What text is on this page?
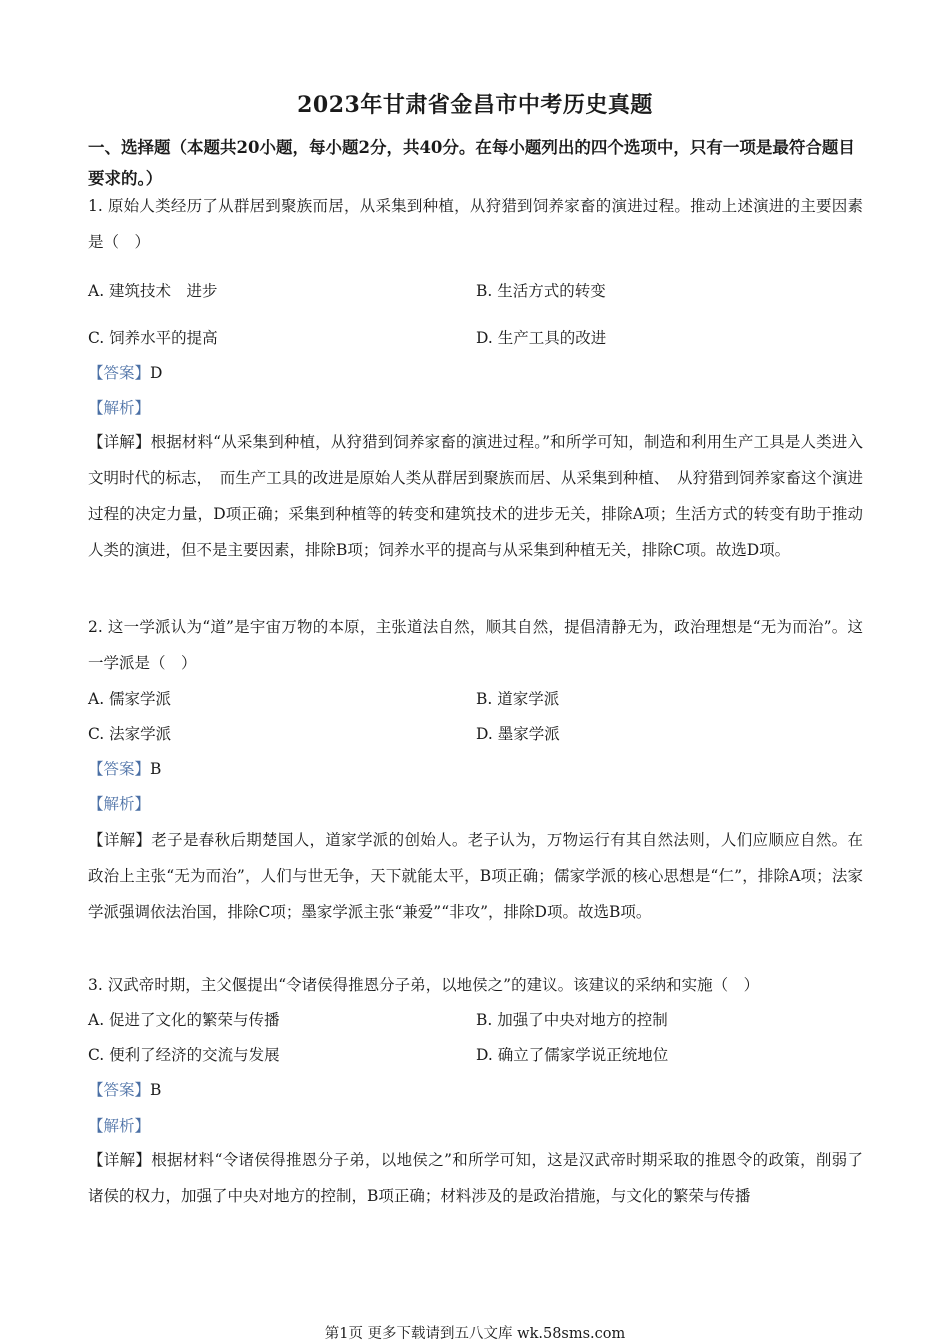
2023年甘肃省金昌市中考历史真题
一、选择题（本题共20小题，每小题2分，共40分。在每小题列出的四个选项中，只有一项是最符合题目要求的。）
1. 原始人类经历了从群居到聚族而居，从采集到种植，从狩猎到饲养家畜的演进过程。推动上述演进的主要因素是（　）
A. 建筑技术　进步	B. 生活方式的转变
C. 饲养水平的提高	D. 生产工具的改进
【答案】D
【解析】
【详解】根据材料“从采集到种植，从狩猎到饲养家畜的演进过程。”和所学可知，制造和利用生产工具是人类进入文明时代的标志，　而生产工具的改进是原始人类从群居到聚族而居、从采集到种植、　从狩猎到饲养家畜这个演进过程的决定力量，D项正确；采集到种植等的转变和建筑技术的进步无关，排除A项；生活方式的转变有助于推动人类的演进，但不是主要因素，排除B项；饲养水平的提高与从采集到种植无关，排除C项。故选D项。
2. 这一学派认为“道”是宇宙万物的本原，主张道法自然，顺其自然，提倡清静无为，政治理想是“无为而治”。这一学派是（　）
A. 儒家学派	B. 道家学派
C. 法家学派	D. 墨家学派
【答案】B
【解析】
【详解】老子是春秋后期楚国人，道家学派的创始人。老子认为，万物运行有其自然法则，人们应顺应自然。在政治上主张“无为而治”，人们与世无争，天下就能太平，B项正确；儒家学派的核心思想是“仁”，排除A项；法家学派强调依法治国，排除C项；墨家学派主张“兼爱”“非攻”，排除D项。故选B项。
3. 汉武帝时期，主父偃提出“令诸侯得推恩分子弟，以地侯之”的建议。该建议的采纳和实施（　）
A. 促进了文化的繁荣与传播	B. 加强了中央对地方的控制
C. 便利了经济的交流与发展	D. 确立了儒家学说正统地位
【答案】B
【解析】
【详解】根据材料“令诸侯得推恩分子弟，以地侯之”和所学可知，这是汉武帝时期采取的推恩令的政策，削弱了诸侯的权力，加强了中央对地方的控制，B项正确；材料涉及的是政治措施，与文化的繁荣与传播
第1页 更多下载请到五八文库 wk.58sms.com
